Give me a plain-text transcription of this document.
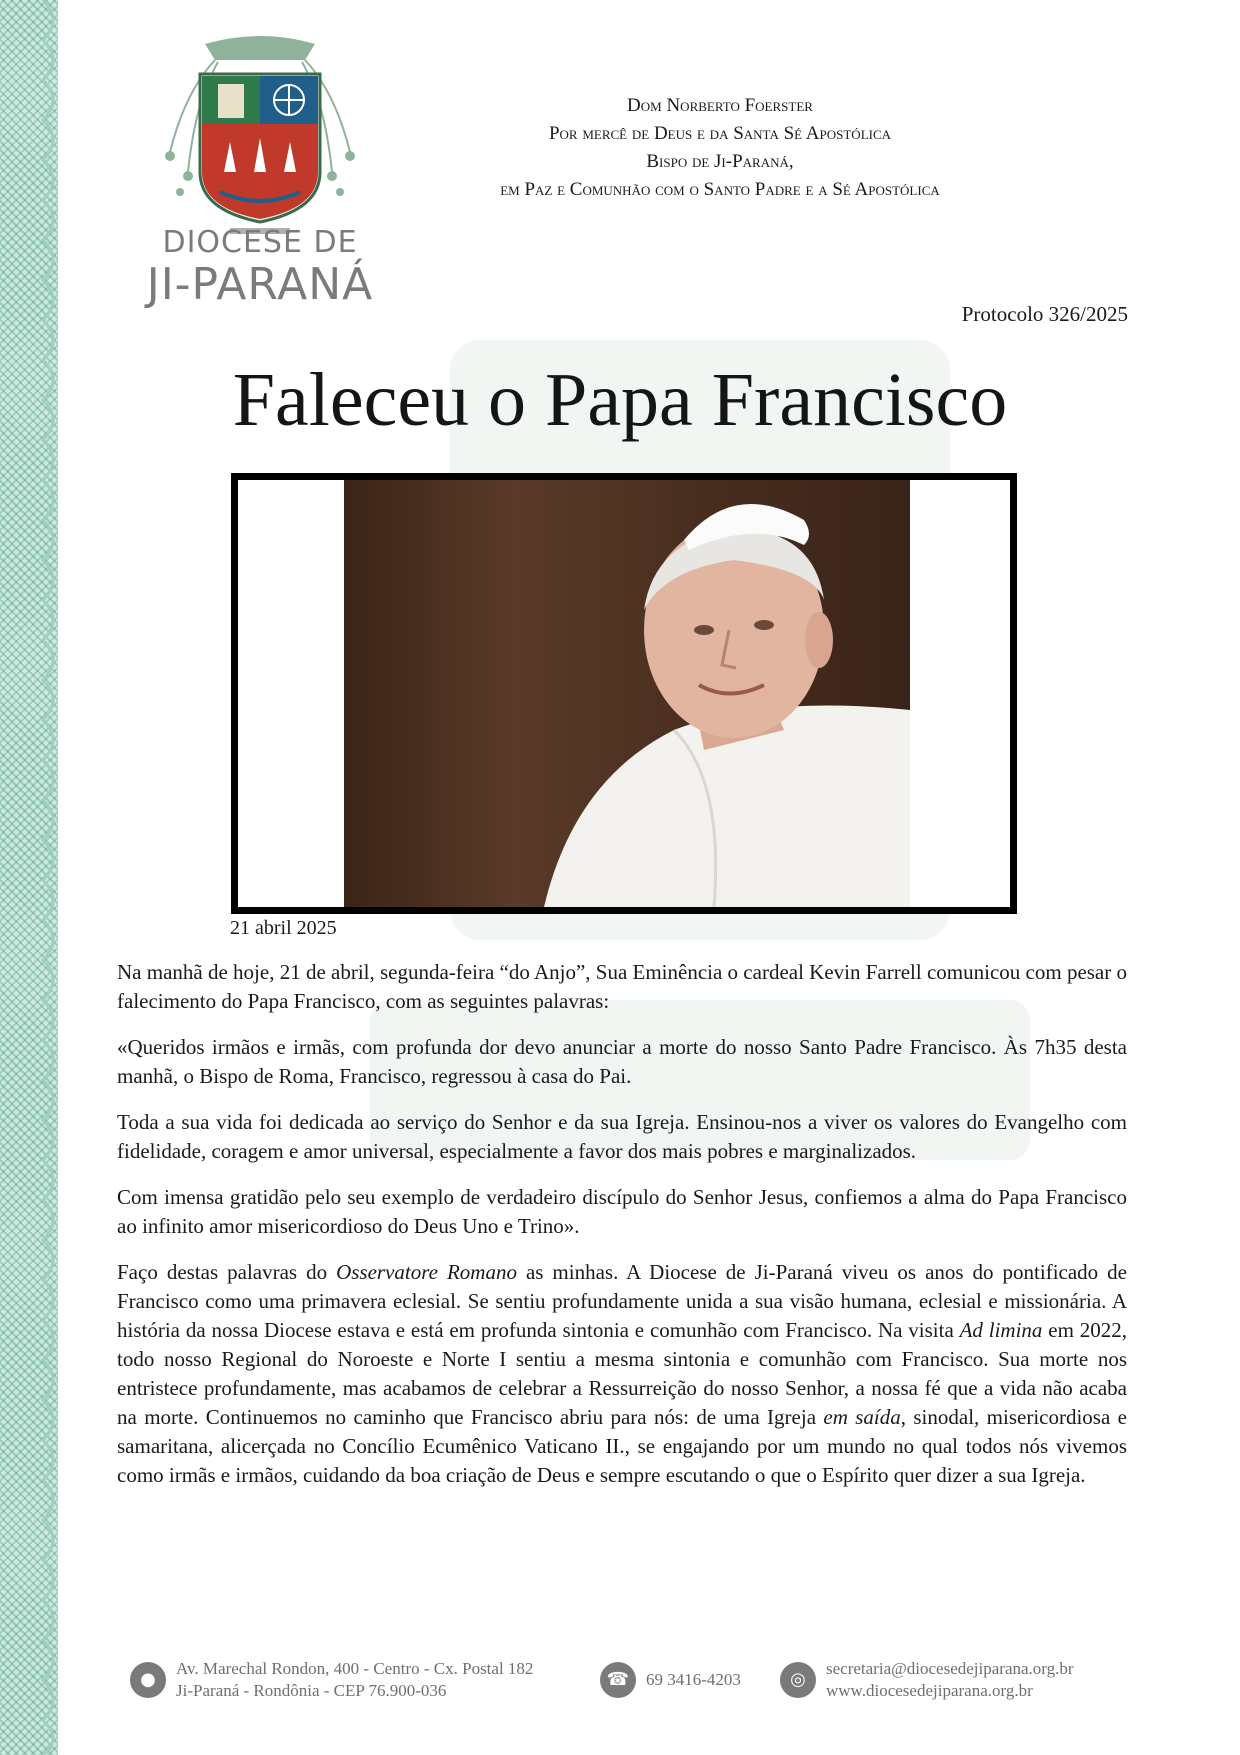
DIOCESE DE
JI-PARANÁ
Dom Norberto Foerster
Por mercê de Deus e da Santa Sé Apostólica
Bispo de Ji-Paraná,
em Paz e Comunhão com o Santo Padre e a Sé Apostólica
Protocolo 326/2025
Faleceu o Papa Francisco
21 abril 2025

Na manhã de hoje, 21 de abril, segunda-feira “do Anjo”, Sua Eminência o cardeal Kevin Farrell comunicou com pesar o falecimento do Papa Francisco, com as seguintes palavras:

«Queridos irmãos e irmãs, com profunda dor devo anunciar a morte do nosso Santo Padre Francisco. Às 7h35 desta manhã, o Bispo de Roma, Francisco, regressou à casa do Pai.

Toda a sua vida foi dedicada ao serviço do Senhor e da sua Igreja. Ensinou-nos a viver os valores do Evangelho com fidelidade, coragem e amor universal, especialmente a favor dos mais pobres e marginalizados.

Com imensa gratidão pelo seu exemplo de verdadeiro discípulo do Senhor Jesus, confiemos a alma do Papa Francisco ao infinito amor misericordioso do Deus Uno e Trino».

Faço destas palavras do Osservatore Romano as minhas. A Diocese de Ji-Paraná viveu os anos do pontificado de Francisco como uma primavera eclesial. Se sentiu profundamente unida a sua visão humana, eclesial e missionária. A história da nossa Diocese estava e está em profunda sintonia e comunhão com Francisco. Na visita Ad limina em 2022, todo nosso Regional do Noroeste e Norte I sentiu a mesma sintonia e comunhão com Francisco. Sua morte nos entristece profundamente, mas acabamos de celebrar a Ressurreição do nosso Senhor, a nossa fé que a vida não acaba na morte. Continuemos no caminho que Francisco abriu para nós: de uma Igreja em saída, sinodal, misericordiosa e samaritana, alicerçada no Concílio Ecumênico Vaticano II., se engajando por um mundo no qual todos nós vivemos como irmãs e irmãos, cuidando da boa criação de Deus e sempre escutando o que o Espírito quer dizer a sua Igreja.

●
Av. Marechal Rondon, 400 - Centro - Cx. Postal 182
Ji-Paraná - Rondônia - CEP 76.900-036
☎ 69 3416-4203	◎
secretaria@diocesedejiparana.org.br
www.diocesedejiparana.org.br
